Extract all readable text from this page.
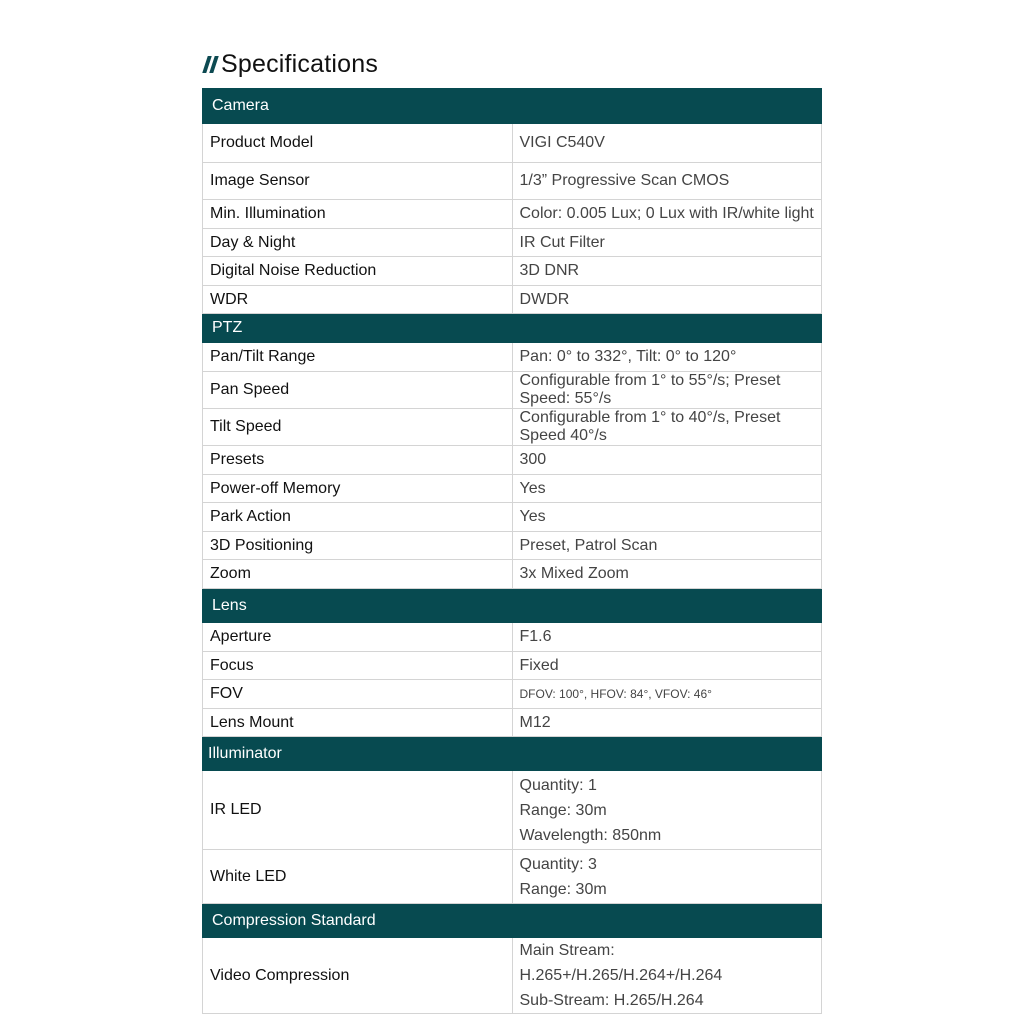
Specifications
Camera	
Product Model	VIGI C540V
Image Sensor	1/3” Progressive Scan CMOS
Min. Illumination	Color: 0.005 Lux; 0 Lux with IR/white light
Day & Night	IR Cut Filter
Digital Noise Reduction	3D DNR
WDR	DWDR
PTZ	
Pan/Tilt Range	Pan: 0° to 332°, Tilt: 0° to 120°
Pan Speed	Configurable from 1° to 55°/s; Preset Speed: 55°/s
Tilt Speed	Configurable from 1° to 40°/s, Preset Speed 40°/s
Presets	300
Power-off Memory	Yes
Park Action	Yes
3D Positioning	Preset, Patrol Scan
Zoom	3x Mixed Zoom
Lens	
Aperture	F1.6
Focus	Fixed
FOV	DFOV: 100°, HFOV: 84°, VFOV: 46°
Lens Mount	M12
Illuminator	
IR LED	Quantity: 1
Range: 30m
Wavelength: 850nm

White LED	Quantity: 3
Range: 30m

Compression Standard	
Video Compression	Main Stream: H.265+/H.265/H.264+/H.264
Sub-Stream: H.265/H.264
